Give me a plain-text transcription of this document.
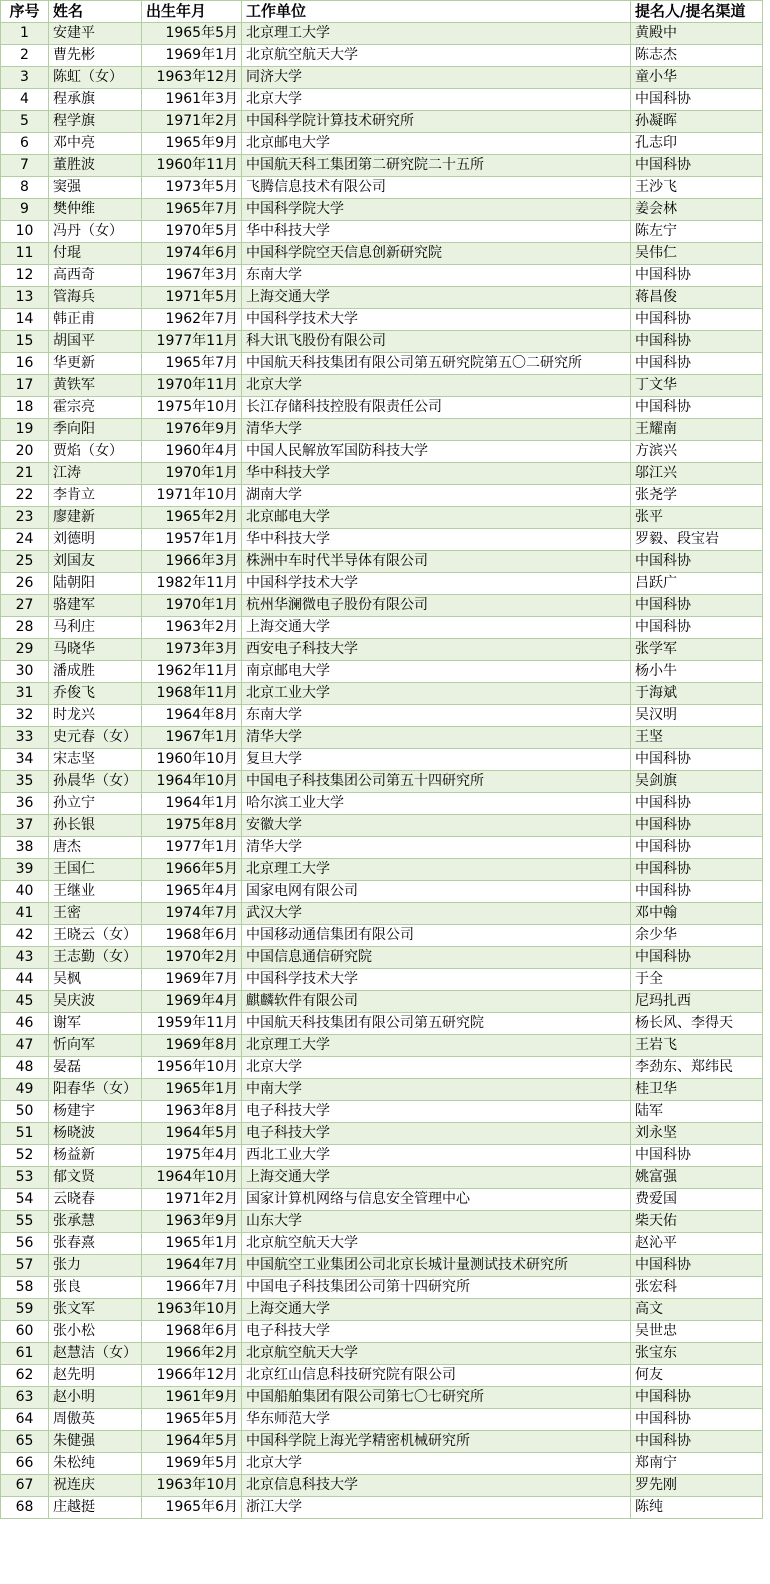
序号	姓名	出生年月	工作单位	提名人/提名渠道
1	安建平	1965年5月	北京理工大学	黄殿中
2	曹先彬	1969年1月	北京航空航天大学	陈志杰
3	陈虹（女）	1963年12月	同济大学	童小华
4	程承旗	1961年3月	北京大学	中国科协
5	程学旗	1971年2月	中国科学院计算技术研究所	孙凝晖
6	邓中亮	1965年9月	北京邮电大学	孔志印
7	董胜波	1960年11月	中国航天科工集团第二研究院二十五所	中国科协
8	窦强	1973年5月	飞腾信息技术有限公司	王沙飞
9	樊仲维	1965年7月	中国科学院大学	姜会林
10	冯丹（女）	1970年5月	华中科技大学	陈左宁
11	付琨	1974年6月	中国科学院空天信息创新研究院	吴伟仁
12	高西奇	1967年3月	东南大学	中国科协
13	管海兵	1971年5月	上海交通大学	蒋昌俊
14	韩正甫	1962年7月	中国科学技术大学	中国科协
15	胡国平	1977年11月	科大讯飞股份有限公司	中国科协
16	华更新	1965年7月	中国航天科技集团有限公司第五研究院第五〇二研究所	中国科协
17	黄铁军	1970年11月	北京大学	丁文华
18	霍宗亮	1975年10月	长江存储科技控股有限责任公司	中国科协
19	季向阳	1976年9月	清华大学	王耀南
20	贾焰（女）	1960年4月	中国人民解放军国防科技大学	方滨兴
21	江涛	1970年1月	华中科技大学	邬江兴
22	李肯立	1971年10月	湖南大学	张尧学
23	廖建新	1965年2月	北京邮电大学	张平
24	刘德明	1957年1月	华中科技大学	罗毅、段宝岩
25	刘国友	1966年3月	株洲中车时代半导体有限公司	中国科协
26	陆朝阳	1982年11月	中国科学技术大学	吕跃广
27	骆建军	1970年1月	杭州华澜微电子股份有限公司	中国科协
28	马利庄	1963年2月	上海交通大学	中国科协
29	马晓华	1973年3月	西安电子科技大学	张学军
30	潘成胜	1962年11月	南京邮电大学	杨小牛
31	乔俊飞	1968年11月	北京工业大学	于海斌
32	时龙兴	1964年8月	东南大学	吴汉明
33	史元春（女）	1967年1月	清华大学	王坚
34	宋志坚	1960年10月	复旦大学	中国科协
35	孙晨华（女）	1964年10月	中国电子科技集团公司第五十四研究所	吴剑旗
36	孙立宁	1964年1月	哈尔滨工业大学	中国科协
37	孙长银	1975年8月	安徽大学	中国科协
38	唐杰	1977年1月	清华大学	中国科协
39	王国仁	1966年5月	北京理工大学	中国科协
40	王继业	1965年4月	国家电网有限公司	中国科协
41	王密	1974年7月	武汉大学	邓中翰
42	王晓云（女）	1968年6月	中国移动通信集团有限公司	余少华
43	王志勤（女）	1970年2月	中国信息通信研究院	中国科协
44	吴枫	1969年7月	中国科学技术大学	于全
45	吴庆波	1969年4月	麒麟软件有限公司	尼玛扎西
46	谢军	1959年11月	中国航天科技集团有限公司第五研究院	杨长风、李得天
47	忻向军	1969年8月	北京理工大学	王岩飞
48	晏磊	1956年10月	北京大学	李劲东、郑纬民
49	阳春华（女）	1965年1月	中南大学	桂卫华
50	杨建宇	1963年8月	电子科技大学	陆军
51	杨晓波	1964年5月	电子科技大学	刘永坚
52	杨益新	1975年4月	西北工业大学	中国科协
53	郁文贤	1964年10月	上海交通大学	姚富强
54	云晓春	1971年2月	国家计算机网络与信息安全管理中心	费爱国
55	张承慧	1963年9月	山东大学	柴天佑
56	张春熹	1965年1月	北京航空航天大学	赵沁平
57	张力	1964年7月	中国航空工业集团公司北京长城计量测试技术研究所	中国科协
58	张良	1966年7月	中国电子科技集团公司第十四研究所	张宏科
59	张文军	1963年10月	上海交通大学	高文
60	张小松	1968年6月	电子科技大学	吴世忠
61	赵慧洁（女）	1966年2月	北京航空航天大学	张宝东
62	赵先明	1966年12月	北京红山信息科技研究院有限公司	何友
63	赵小明	1961年9月	中国船舶集团有限公司第七〇七研究所	中国科协
64	周傲英	1965年5月	华东师范大学	中国科协
65	朱健强	1964年5月	中国科学院上海光学精密机械研究所	中国科协
66	朱松纯	1969年5月	北京大学	郑南宁
67	祝连庆	1963年10月	北京信息科技大学	罗先刚
68	庄越挺	1965年6月	浙江大学	陈纯
